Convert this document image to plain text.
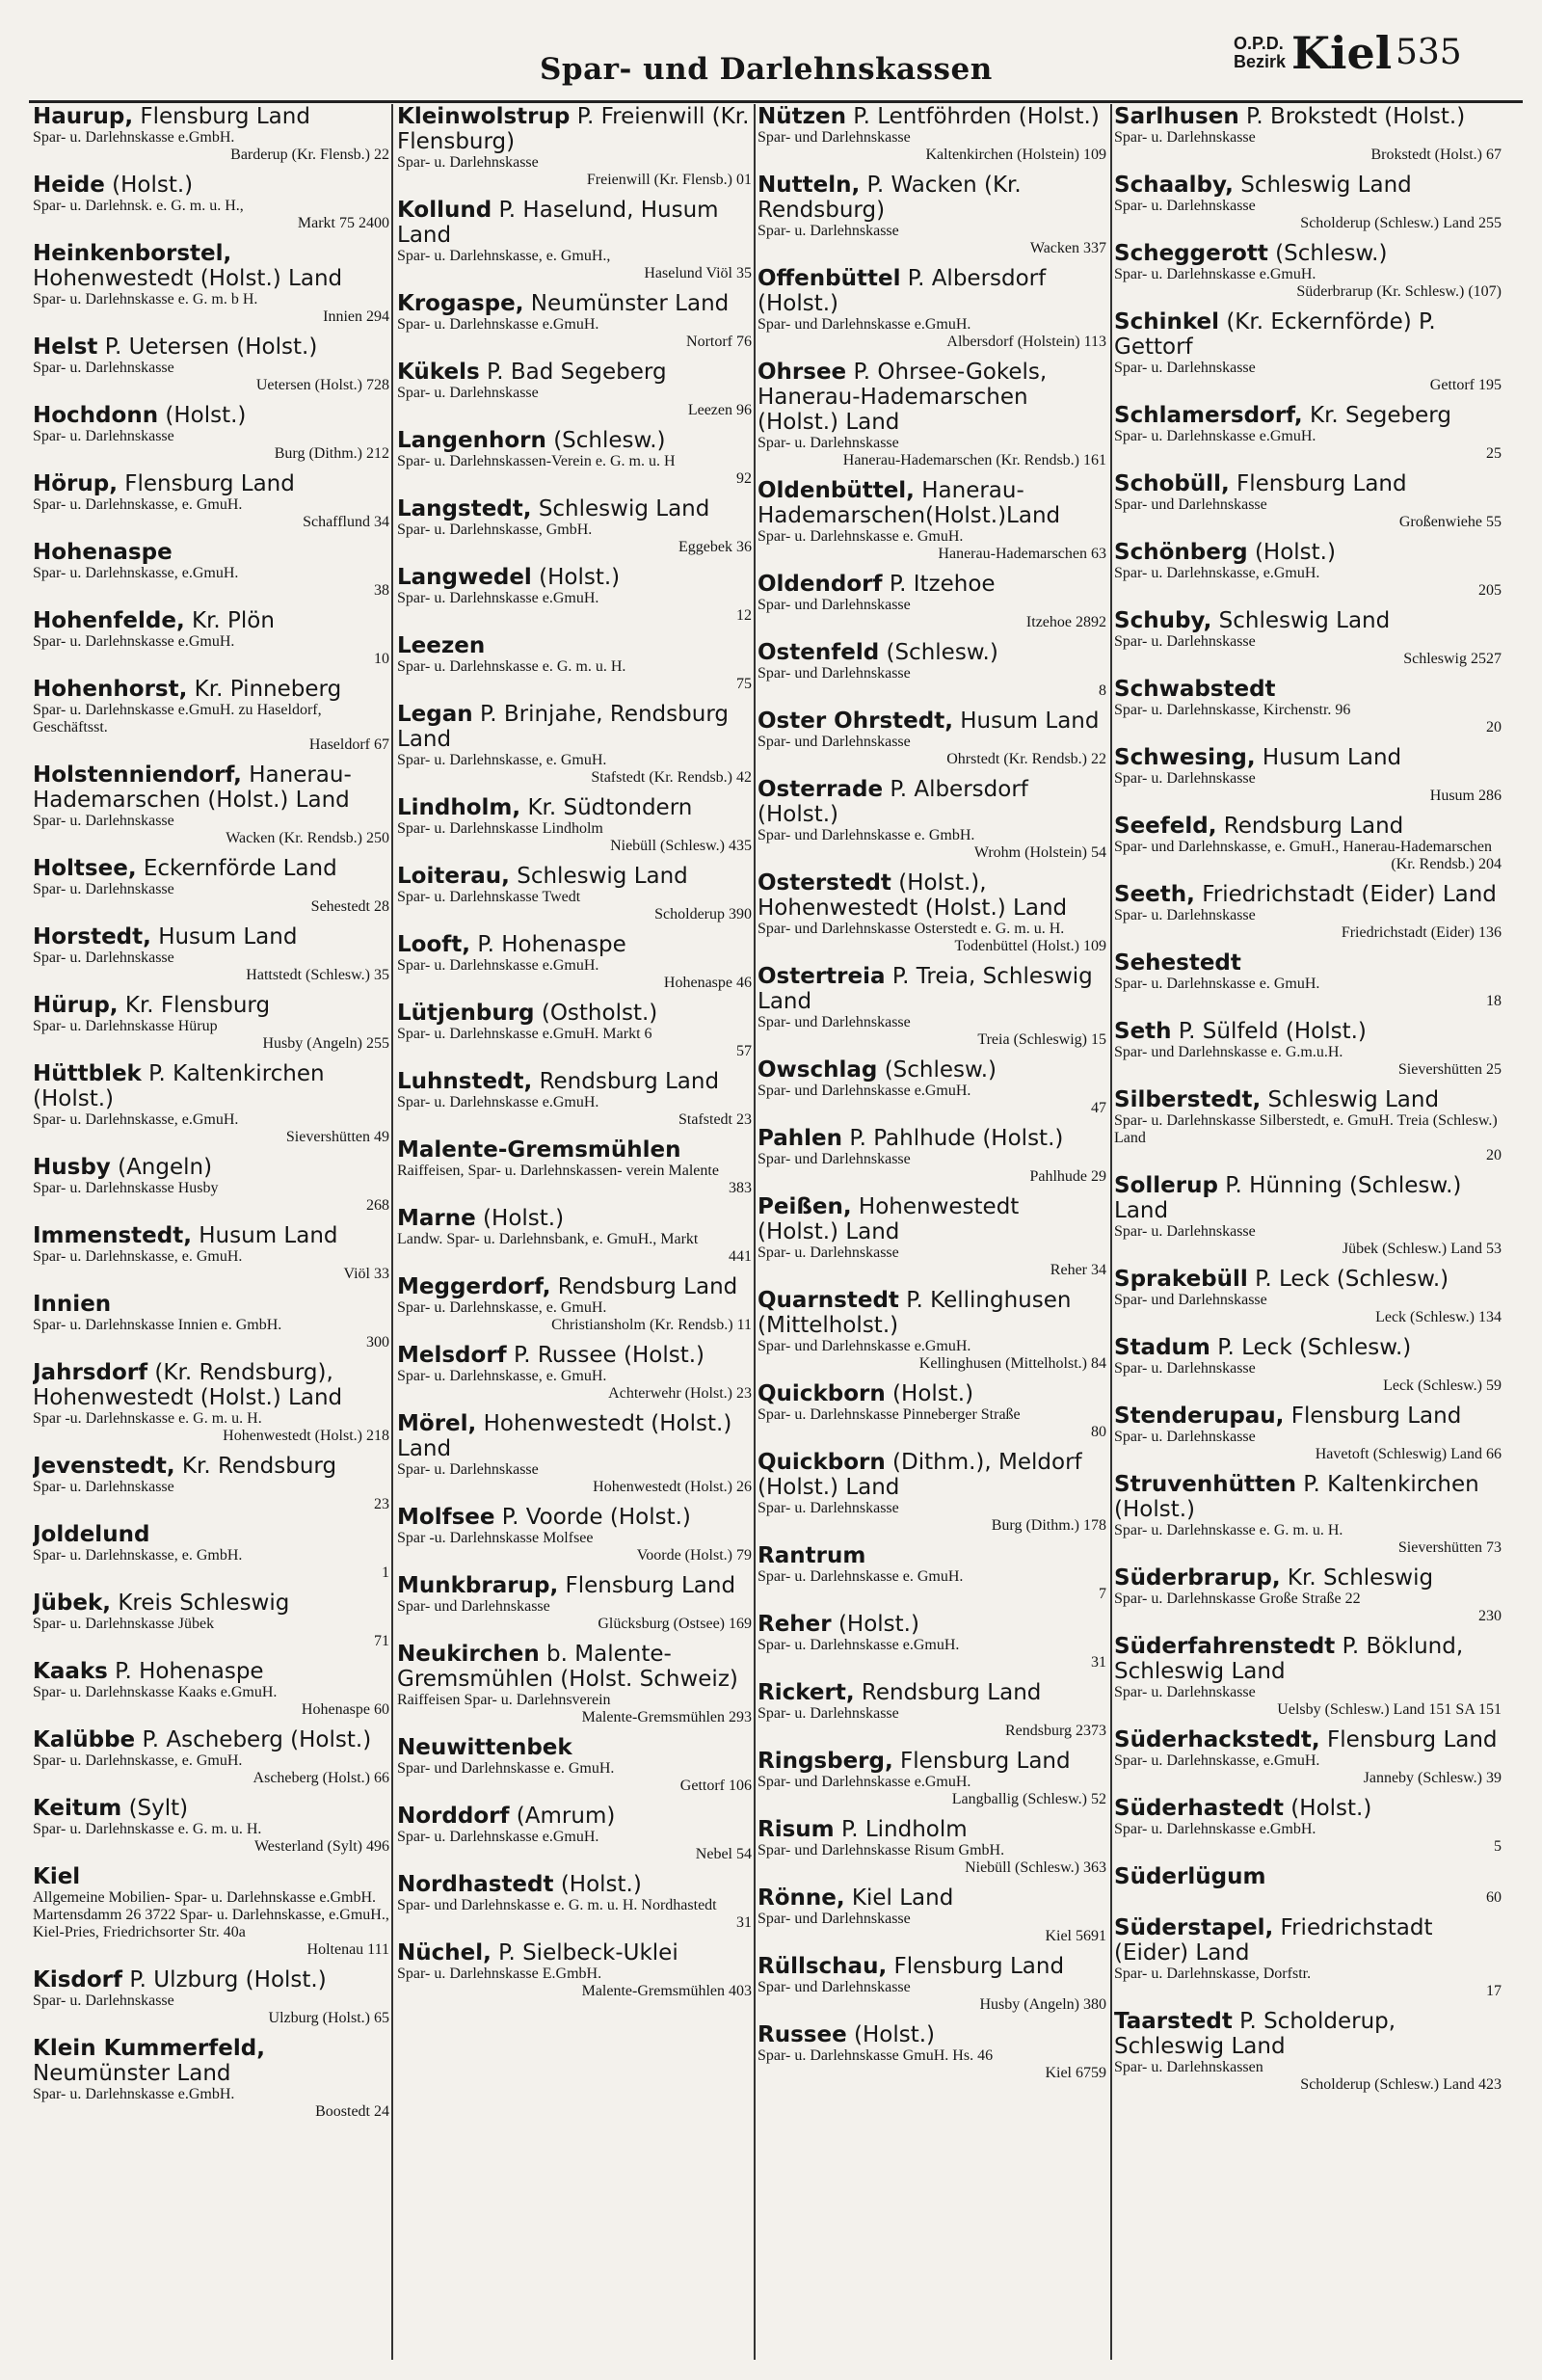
Spar- und Darlehnskassen
O.P.D.
Bezirk Kiel 535
Haurup, Flensburg Land
Spar- u. Darlehnskasse e.GmbH.
Barderup (Kr. Flensb.) 22
Heide (Holst.)
Spar- u. Darlehnsk. e. G. m. u. H.,
Markt 75 2400
Heinkenborstel, Hohenwestedt (Holst.) Land
Spar- u. Darlehnskasse e. G. m. b H.
Innien 294
Helst P. Uetersen (Holst.)
Spar- u. Darlehnskasse
Uetersen (Holst.) 728
Hochdonn (Holst.)
Spar- u. Darlehnskasse
Burg (Dithm.) 212
Hörup, Flensburg Land
Spar- u. Darlehnskasse, e. GmuH.
Schafflund 34
Hohenaspe
Spar- u. Darlehnskasse, e.GmuH.
38
Hohenfelde, Kr. Plön
Spar- u. Darlehnskasse e.GmuH.
10
Hohenhorst, Kr. Pinneberg
Spar- u. Darlehnskasse e.GmuH. zu Haseldorf, Geschäftsst.
Haseldorf 67
Holstenniendorf, Hanerau-Hademarschen (Holst.) Land
Spar- u. Darlehnskasse
Wacken (Kr. Rendsb.) 250
Holtsee, Eckernförde Land
Spar- u. Darlehnskasse
Sehestedt 28
Horstedt, Husum Land
Spar- u. Darlehnskasse
Hattstedt (Schlesw.) 35
Hürup, Kr. Flensburg
Spar- u. Darlehnskasse Hürup
Husby (Angeln) 255
Hüttblek P. Kaltenkirchen (Holst.)
Spar- u. Darlehnskasse, e.GmuH.
Sievershütten 49
Husby (Angeln)
Spar- u. Darlehnskasse Husby
268
Immenstedt, Husum Land
Spar- u. Darlehnskasse, e. GmuH.
Viöl 33
Innien
Spar- u. Darlehnskasse Innien e. GmbH.
300
Jahrsdorf (Kr. Rendsburg), Hohenwestedt (Holst.) Land
Spar -u. Darlehnskasse e. G. m. u. H.
Hohenwestedt (Holst.) 218
Jevenstedt, Kr. Rendsburg
Spar- u. Darlehnskasse
23
Joldelund
Spar- u. Darlehnskasse, e. GmbH.
1
Jübek, Kreis Schleswig
Spar- u. Darlehnskasse Jübek
71
Kaaks P. Hohenaspe
Spar- u. Darlehnskasse Kaaks e.GmuH.
Hohenaspe 60
Kalübbe P. Ascheberg (Holst.)
Spar- u. Darlehnskasse, e. GmuH.
Ascheberg (Holst.) 66
Keitum (Sylt)
Spar- u. Darlehnskasse e. G. m. u. H.
Westerland (Sylt) 496
Kiel
Allgemeine Mobilien- Spar- u. Darlehnskasse e.GmbH. Martensdamm 26 3722 Spar- u. Darlehnskasse, e.GmuH., Kiel-Pries, Friedrichsorter Str. 40a
Holtenau 111
Kisdorf P. Ulzburg (Holst.)
Spar- u. Darlehnskasse
Ulzburg (Holst.) 65
Klein Kummerfeld, Neumünster Land
Spar- u. Darlehnskasse e.GmbH.
Boostedt 24
Kleinwolstrup P. Freienwill (Kr. Flensburg)
Spar- u. Darlehnskasse
Freienwill (Kr. Flensb.) 01
Kollund P. Haselund, Husum Land
Spar- u. Darlehnskasse, e. GmuH.,
Haselund Viöl 35
Krogaspe, Neumünster Land
Spar- u. Darlehnskasse e.GmuH.
Nortorf 76
Kükels P. Bad Segeberg
Spar- u. Darlehnskasse
Leezen 96
Langenhorn (Schlesw.)
Spar- u. Darlehnskassen-Verein e. G. m. u. H
92
Langstedt, Schleswig Land
Spar- u. Darlehnskasse, GmbH.
Eggebek 36
Langwedel (Holst.)
Spar- u. Darlehnskasse e.GmuH.
12
Leezen
Spar- u. Darlehnskasse e. G. m. u. H.
75
Legan P. Brinjahe, Rendsburg Land
Spar- u. Darlehnskasse, e. GmuH.
Stafstedt (Kr. Rendsb.) 42
Lindholm, Kr. Südtondern
Spar- u. Darlehnskasse Lindholm
Niebüll (Schlesw.) 435
Loiterau, Schleswig Land
Spar- u. Darlehnskasse Twedt
Scholderup 390
Looft, P. Hohenaspe
Spar- u. Darlehnskasse e.GmuH.
Hohenaspe 46
Lütjenburg (Ostholst.)
Spar- u. Darlehnskasse e.GmuH. Markt 6
57
Luhnstedt, Rendsburg Land
Spar- u. Darlehnskasse e.GmuH.
Stafstedt 23
Malente-Gremsmühlen
Raiffeisen, Spar- u. Darlehnskassen- verein Malente
383
Marne (Holst.)
Landw. Spar- u. Darlehnsbank, e. GmuH., Markt
441
Meggerdorf, Rendsburg Land
Spar- u. Darlehnskasse, e. GmuH.
Christiansholm (Kr. Rendsb.) 11
Melsdorf P. Russee (Holst.)
Spar- u. Darlehnskasse, e. GmuH.
Achterwehr (Holst.) 23
Mörel, Hohenwestedt (Holst.) Land
Spar- u. Darlehnskasse
Hohenwestedt (Holst.) 26
Molfsee P. Voorde (Holst.)
Spar -u. Darlehnskasse Molfsee
Voorde (Holst.) 79
Munkbrarup, Flensburg Land
Spar- und Darlehnskasse
Glücksburg (Ostsee) 169
Neukirchen b. Malente-Gremsmühlen (Holst. Schweiz)
Raiffeisen Spar- u. Darlehnsverein
Malente-Gremsmühlen 293
Neuwittenbek
Spar- und Darlehnskasse e. GmuH.
Gettorf 106
Norddorf (Amrum)
Spar- u. Darlehnskasse e.GmuH.
Nebel 54
Nordhastedt (Holst.)
Spar- und Darlehnskasse e. G. m. u. H. Nordhastedt
31
Nüchel, P. Sielbeck-Uklei
Spar- u. Darlehnskasse E.GmbH.
Malente-Gremsmühlen 403
Nützen P. Lentföhrden (Holst.)
Spar- und Darlehnskasse
Kaltenkirchen (Holstein) 109
Nutteln, P. Wacken (Kr. Rendsburg)
Spar- u. Darlehnskasse
Wacken 337
Offenbüttel P. Albersdorf (Holst.)
Spar- und Darlehnskasse e.GmuH.
Albersdorf (Holstein) 113
Ohrsee P. Ohrsee-Gokels, Hanerau-Hademarschen (Holst.) Land
Spar- u. Darlehnskasse
Hanerau-Hademarschen (Kr. Rendsb.) 161
Oldenbüttel, Hanerau-Hademarschen(Holst.)Land
Spar- u. Darlehnskasse e. GmuH.
Hanerau-Hademarschen 63
Oldendorf P. Itzehoe
Spar- und Darlehnskasse
Itzehoe 2892
Ostenfeld (Schlesw.)
Spar- und Darlehnskasse
8
Oster Ohrstedt, Husum Land
Spar- und Darlehnskasse
Ohrstedt (Kr. Rendsb.) 22
Osterrade P. Albersdorf (Holst.)
Spar- und Darlehnskasse e. GmbH.
Wrohm (Holstein) 54
Osterstedt (Holst.), Hohenwestedt (Holst.) Land
Spar- und Darlehnskasse Osterstedt e. G. m. u. H.
Todenbüttel (Holst.) 109
Ostertreia P. Treia, Schleswig Land
Spar- und Darlehnskasse
Treia (Schleswig) 15
Owschlag (Schlesw.)
Spar- und Darlehnskasse e.GmuH.
47
Pahlen P. Pahlhude (Holst.)
Spar- und Darlehnskasse
Pahlhude 29
Peißen, Hohenwestedt (Holst.) Land
Spar- u. Darlehnskasse
Reher 34
Quarnstedt P. Kellinghusen (Mittelholst.)
Spar- und Darlehnskasse e.GmuH.
Kellinghusen (Mittelholst.) 84
Quickborn (Holst.)
Spar- u. Darlehnskasse Pinneberger Straße
80
Quickborn (Dithm.), Meldorf (Holst.) Land
Spar- u. Darlehnskasse
Burg (Dithm.) 178
Rantrum
Spar- u. Darlehnskasse e. GmuH.
7
Reher (Holst.)
Spar- u. Darlehnskasse e.GmuH.
31
Rickert, Rendsburg Land
Spar- u. Darlehnskasse
Rendsburg 2373
Ringsberg, Flensburg Land
Spar- und Darlehnskasse e.GmuH.
Langballig (Schlesw.) 52
Risum P. Lindholm
Spar- und Darlehnskasse Risum GmbH.
Niebüll (Schlesw.) 363
Rönne, Kiel Land
Spar- und Darlehnskasse
Kiel 5691
Rüllschau, Flensburg Land
Spar- und Darlehnskasse
Husby (Angeln) 380
Russee (Holst.)
Spar- u. Darlehnskasse GmuH. Hs. 46
Kiel 6759
Sarlhusen P. Brokstedt (Holst.)
Spar- u. Darlehnskasse
Brokstedt (Holst.) 67
Schaalby, Schleswig Land
Spar- u. Darlehnskasse
Scholderup (Schlesw.) Land 255
Scheggerott (Schlesw.)
Spar- u. Darlehnskasse e.GmuH.
Süderbrarup (Kr. Schlesw.) (107)
Schinkel (Kr. Eckernförde) P. Gettorf
Spar- u. Darlehnskasse
Gettorf 195
Schlamersdorf, Kr. Segeberg
Spar- u. Darlehnskasse e.GmuH.
25
Schobüll, Flensburg Land
Spar- und Darlehnskasse
Großenwiehe 55
Schönberg (Holst.)
Spar- u. Darlehnskasse, e.GmuH.
205
Schuby, Schleswig Land
Spar- u. Darlehnskasse
Schleswig 2527
Schwabstedt
Spar- u. Darlehnskasse, Kirchenstr. 96
20
Schwesing, Husum Land
Spar- u. Darlehnskasse
Husum 286
Seefeld, Rendsburg Land
Spar- und Darlehnskasse, e. GmuH., Hanerau-Hademarschen
(Kr. Rendsb.) 204
Seeth, Friedrichstadt (Eider) Land
Spar- u. Darlehnskasse
Friedrichstadt (Eider) 136
Sehestedt
Spar- u. Darlehnskasse e. GmuH.
18
Seth P. Sülfeld (Holst.)
Spar- und Darlehnskasse e. G.m.u.H.
Sievershütten 25
Silberstedt, Schleswig Land
Spar- u. Darlehnskasse Silberstedt, e. GmuH. Treia (Schlesw.) Land
20
Sollerup P. Hünning (Schlesw.) Land
Spar- u. Darlehnskasse
Jübek (Schlesw.) Land 53
Sprakebüll P. Leck (Schlesw.)
Spar- und Darlehnskasse
Leck (Schlesw.) 134
Stadum P. Leck (Schlesw.)
Spar- u. Darlehnskasse
Leck (Schlesw.) 59
Stenderupau, Flensburg Land
Spar- u. Darlehnskasse
Havetoft (Schleswig) Land 66
Struvenhütten P. Kaltenkirchen (Holst.)
Spar- u. Darlehnskasse e. G. m. u. H.
Sievershütten 73
Süderbrarup, Kr. Schleswig
Spar- u. Darlehnskasse Große Straße 22
230
Süderfahrenstedt P. Böklund, Schleswig Land
Spar- u. Darlehnskasse
Uelsby (Schlesw.) Land 151 SA 151
Süderhackstedt, Flensburg Land
Spar- u. Darlehnskasse, e.GmuH.
Janneby (Schlesw.) 39
Süderhastedt (Holst.)
Spar- u. Darlehnskasse e.GmbH.
5
Süderlügum
60
Süderstapel, Friedrichstadt (Eider) Land
Spar- u. Darlehnskasse, Dorfstr.
17
Taarstedt P. Scholderup, Schleswig Land
Spar- u. Darlehnskassen
Scholderup (Schlesw.) Land 423
